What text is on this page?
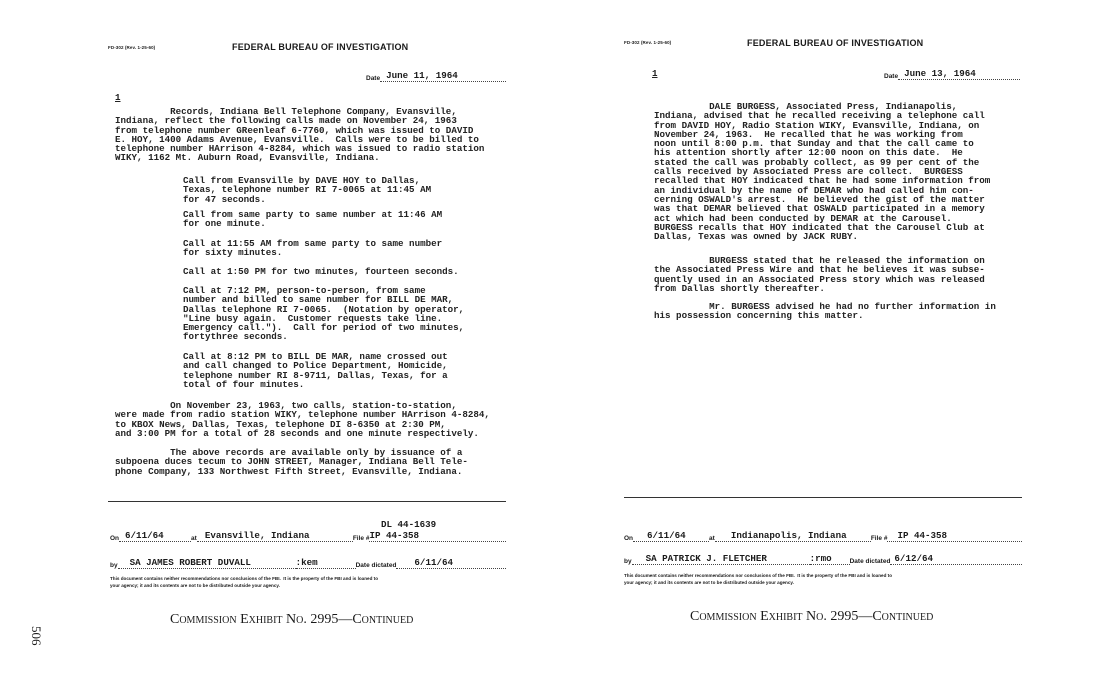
506
FD-302 (Rev. 1-25-60)	FEDERAL BUREAU OF INVESTIGATION
Date June 11, 1964
1
Records, Indiana Bell Telephone Company, Evansville,
Indiana, reflect the following calls made on November 24, 1963
from telephone number GReenleaf 6-7760, which was issued to DAVID
E. HOY, 1400 Adams Avenue, Evansville.  Calls were to be billed to
telephone number HArrison 4-8284, which was issued to radio station
WIKY, 1162 Mt. Auburn Road, Evansville, Indiana.
Call from Evansville by DAVE HOY to Dallas,
Texas, telephone number RI 7-0065 at 11:45 AM
for 47 seconds.
Call from same party to same number at 11:46 AM
for one minute.
Call at 11:55 AM from same party to same number
for sixty minutes.
Call at 1:50 PM for two minutes, fourteen seconds.
Call at 7:12 PM, person-to-person, from same
number and billed to same number for BILL DE MAR,
Dallas telephone RI 7-0065.  (Notation by operator,
"Line busy again.  Customer requests take line.
Emergency call.").  Call for period of two minutes,
fortythree seconds.
Call at 8:12 PM to BILL DE MAR, name crossed out
and call changed to Police Department, Homicide,
telephone number RI 8-9711, Dallas, Texas, for a
total of four minutes.
On November 23, 1963, two calls, station-to-station,
were made from radio station WIKY, telephone number HArrison 4-8284,
to KBOX News, Dallas, Texas, telephone DI 8-6350 at 2:30 PM,
and 3:00 PM for a total of 28 seconds and one minute respectively.
The above records are available only by issuance of a
subpoena duces tecum to JOHN STREET, Manager, Indiana Bell Tele-
phone Company, 133 Northwest Fifth Street, Evansville, Indiana.
DL 44-1639
On 6/11/64	at Evansville, Indiana	File # IP 44-358
by	SA JAMES ROBERT DUVALL	:kem	Date dictated	6/11/64
This document contains neither recommendations nor conclusions of the FBI.  It is the property of the FBI and is loaned to
your agency; it and its contents are not to be distributed outside your agency.
Commission Exhibit No. 2995—Continued
FD-302 (Rev. 1-25-60)	FEDERAL BUREAU OF INVESTIGATION
1	Date June 13, 1964
DALE BURGESS, Associated Press, Indianapolis,
Indiana, advised that he recalled receiving a telephone call
from DAVID HOY, Radio Station WIKY, Evansville, Indiana, on
November 24, 1963.  He recalled that he was working from
noon until 8:00 p.m. that Sunday and that the call came to
his attention shortly after 12:00 noon on this date.  He
stated the call was probably collect, as 99 per cent of the
calls received by Associated Press are collect.  BURGESS
recalled that HOY indicated that he had some information from
an individual by the name of DEMAR who had called him con-
cerning OSWALD's arrest.  He believed the gist of the matter
was that DEMAR believed that OSWALD participated in a memory
act which had been conducted by DEMAR at the Carousel.
BURGESS recalls that HOY indicated that the Carousel Club at
Dallas, Texas was owned by JACK RUBY.
BURGESS stated that he released the information on
the Associated Press Wire and that he believes it was subse-
quently used in an Associated Press story which was released
from Dallas shortly thereafter.
Mr. BURGESS advised he had no further information in
his possession concerning this matter.
On	6/11/64	at	Indianapolis, Indiana	File #	IP 44-358
by	SA PATRICK J. FLETCHER	:rmo	Date dictated 6/12/64
This document contains neither recommendations nor conclusions of the FBI.  It is the property of the FBI and is loaned to
your agency; it and its contents are not to be distributed outside your agency.
Commission Exhibit No. 2995—Continued
